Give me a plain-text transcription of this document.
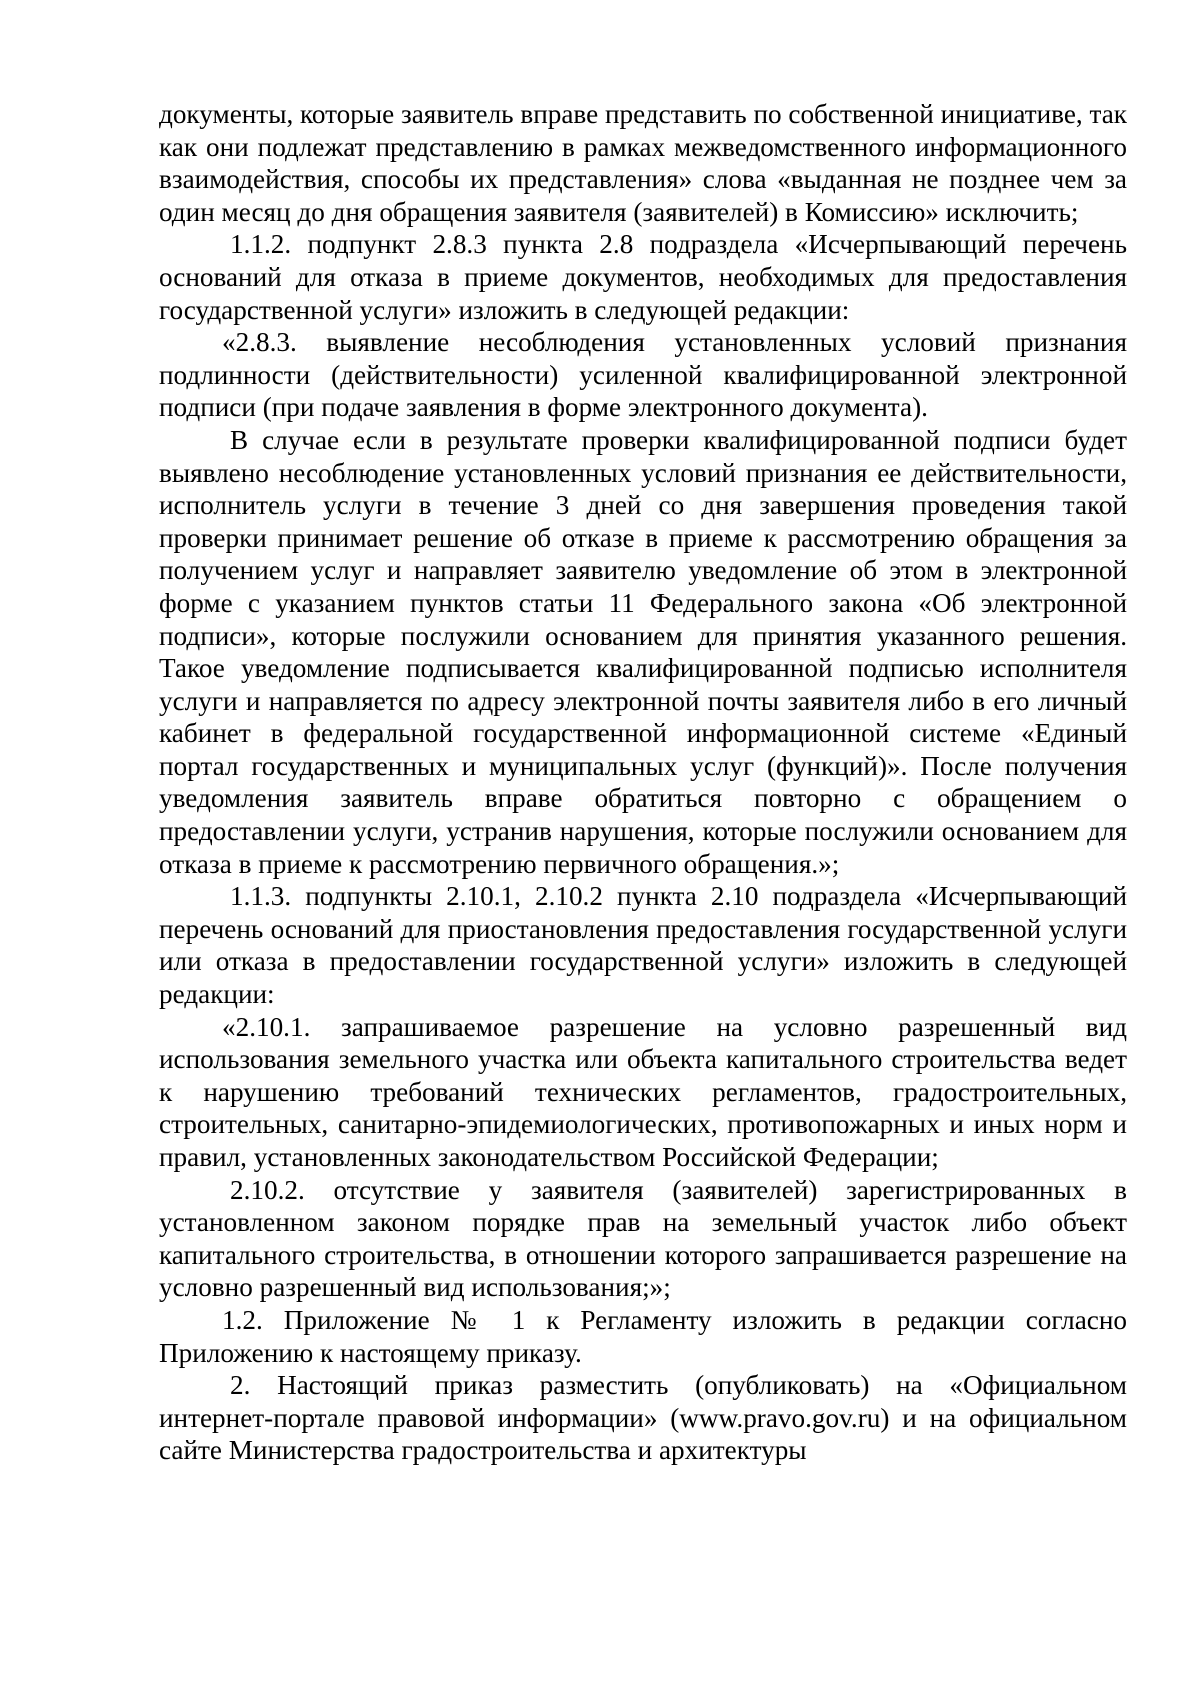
документы, которые заявитель вправе представить по собственной инициативе, так как они подлежат представлению в рамках межведомственного информационного взаимодействия, способы их представления» слова «выданная не позднее чем за один месяц до дня обращения заявителя (заявителей) в Комиссию» исключить;

1.1.2. подпункт 2.8.3 пункта 2.8 подраздела «Исчерпывающий перечень оснований для отказа в приеме документов, необходимых для предоставления государственной услуги» изложить в следующей редакции:

«2.8.3. выявление несоблюдения установленных условий признания подлинности (действительности) усиленной квалифицированной электронной подписи (при подаче заявления в форме электронного документа).

В случае если в результате проверки квалифицированной подписи будет выявлено несоблюдение установленных условий признания ее действительности, исполнитель услуги в течение 3 дней со дня завершения проведения такой проверки принимает решение об отказе в приеме к рассмотрению обращения за получением услуг и направляет заявителю уведомление об этом в электронной форме с указанием пунктов статьи 11 Федерального закона «Об электронной подписи», которые послужили основанием для принятия указанного решения. Такое уведомление подписывается квалифицированной подписью исполнителя услуги и направляется по адресу электронной почты заявителя либо в его личный кабинет в федеральной государственной информационной системе «Единый портал государственных и муниципальных услуг (функций)». После получения уведомления заявитель вправе обратиться повторно с обращением о предоставлении услуги, устранив нарушения, которые послужили основанием для отказа в приеме к рассмотрению первичного обращения.»;

1.1.3. подпункты 2.10.1, 2.10.2 пункта 2.10 подраздела «Исчерпывающий перечень оснований для приостановления предоставления государственной услуги или отказа в предоставлении государственной услуги» изложить в следующей редакции:

«2.10.1. запрашиваемое разрешение на условно разрешенный вид использования земельного участка или объекта капитального строительства ведет к нарушению требований технических регламентов, градостроительных, строительных, санитарно-эпидемиологических, противопожарных и иных норм и правил, установленных законодательством Российской Федерации;

2.10.2. отсутствие у заявителя (заявителей) зарегистрированных в установленном законом порядке прав на земельный участок либо объект капитального строительства, в отношении которого запрашивается разрешение на условно разрешенный вид использования;»;

1.2. Приложение № 1 к Регламенту изложить в редакции согласно Приложению к настоящему приказу.

2. Настоящий приказ разместить (опубликовать) на «Официальном интернет-портале правовой информации» (www.pravo.gov.ru) и на официальном сайте Министерства градостроительства и архитектуры
